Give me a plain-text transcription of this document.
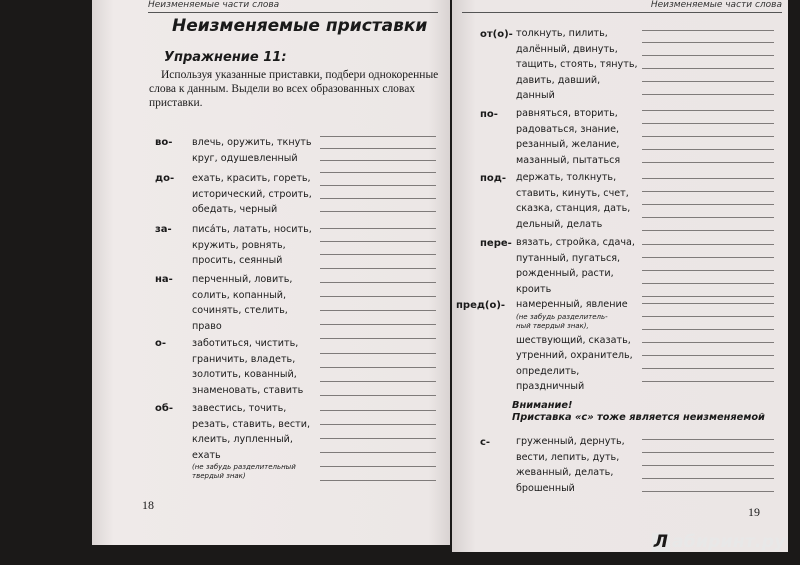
Неизменяемые части слова
Неизменяемые приставки
Упражнение 11:
Используя указанные приставки, подбери однокоренные слова к данным. Выдели во всех образованных словах приставки.
во- влечь, оружить, ткнуть
круг, одушевленный
до- ехать, красить, гореть,
исторический, строить,
обедать, черный
за- писáть, латать, носить,
кружить, ровнять,
просить, сеянный
на- перченный, ловить,
солить, копанный,
сочинять, стелить,
право
о-	заботиться, чистить,
граничить, владеть,
золотить, кованный,
знаменовать, ставить
об- завестись, точить,
резать, ставить, вести,
клеить, лупленный,
ехать
(не забудь разделительный
твердый знак)
18
Неизменяемые части слова
от(о)- толкнуть, пилить,
далённый, двинуть,
тащить, стоять, тянуть,
давить, давший,
данный
по- равняться, вторить,
радоваться, знание,
резанный, желание,
мазанный, пытаться
под- держать, толкнуть,
ставить, кинуть, счет,
сказка, станция, дать,
дельный, делать
пере- вязать, стройка, сдача,
путанный, пугаться,
рожденный, расти,
кроить
пред(о)- намеренный, явление
(не забудь разделитель-
ный твердый знак),
шествующий, сказать,
утренний, охранитель,
определить,
праздничный
Внимание!
Приставка «с» тоже является неизменяемой
с-	груженный, дернуть,
вести, лепить, дуть,
жеванный, делать,
брошенный
19
Л абиринт.ру
